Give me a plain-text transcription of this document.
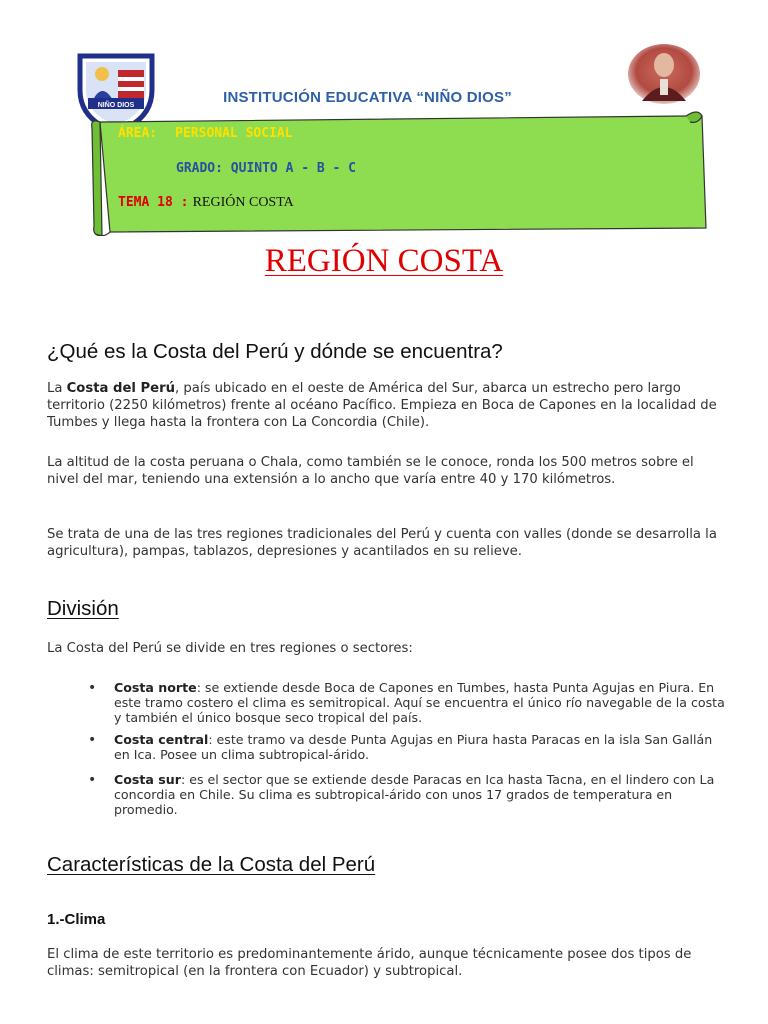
NIÑO DIOS	INSTITUCIÓN EDUCATIVA “NIÑO DIOS”
ÁREA: PERSONAL SOCIAL
GRADO: QUINTO A - B - C
TEMA 18 : REGIÓN COSTA
REGIÓN COSTA
¿Qué es la Costa del Perú y dónde se encuentra?

La Costa del Perú, país ubicado en el oeste de América del Sur, abarca un estrecho pero largo territorio (2250 kilómetros) frente al océano Pacífico. Empieza en Boca de Capones en la localidad de Tumbes y llega hasta la frontera con La Concordia (Chile).

La altitud de la costa peruana o Chala, como también se le conoce, ronda los 500 metros sobre el nivel del mar, teniendo una extensión a lo ancho que varía entre 40 y 170 kilómetros.

Se trata de una de las tres regiones tradicionales del Perú y cuenta con valles (donde se desarrolla la agricultura), pampas, tablazos, depresiones y acantilados en su relieve.

División

La Costa del Perú se divide en tres regiones o sectores:

• Costa norte: se extiende desde Boca de Capones en Tumbes, hasta Punta Agujas en Piura. En este tramo costero el clima es semitropical. Aquí se encuentra el único río navegable de la costa y también el único bosque seco tropical del país.

• Costa central: este tramo va desde Punta Agujas en Piura hasta Paracas en la isla San Gallán en Ica. Posee un clima subtropical-árido.

• Costa sur: es el sector que se extiende desde Paracas en Ica hasta Tacna, en el lindero con La concordia en Chile. Su clima es subtropical-árido con unos 17 grados de temperatura en promedio.

Características de la Costa del Perú
1.-Clima

El clima de este territorio es predominantemente árido, aunque técnicamente posee dos tipos de climas: semitropical (en la frontera con Ecuador) y subtropical.
